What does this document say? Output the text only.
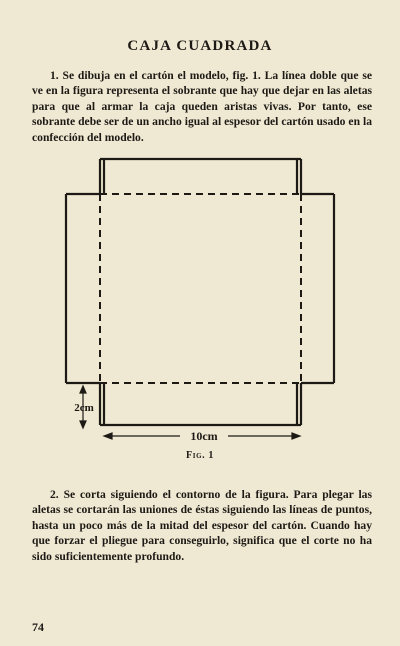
CAJA CUADRADA

1. Se dibuja en el cartón el modelo, fig. 1. La línea doble que se ve en la figura representa el sobrante que hay que dejar en las aletas para que al armar la caja queden aristas vivas. Por tanto, ese sobrante debe ser de un ancho igual al espesor del cartón usado en la confección del modelo.

2cm
10cm
Fig. 1

2. Se corta siguiendo el contorno de la figura. Para plegar las aletas se cortarán las uniones de éstas siguiendo las líneas de puntos, hasta un poco más de la mitad del espesor del cartón. Cuando hay que forzar el pliegue para conseguirlo, significa que el corte no ha sido suficientemente profundo.

74
